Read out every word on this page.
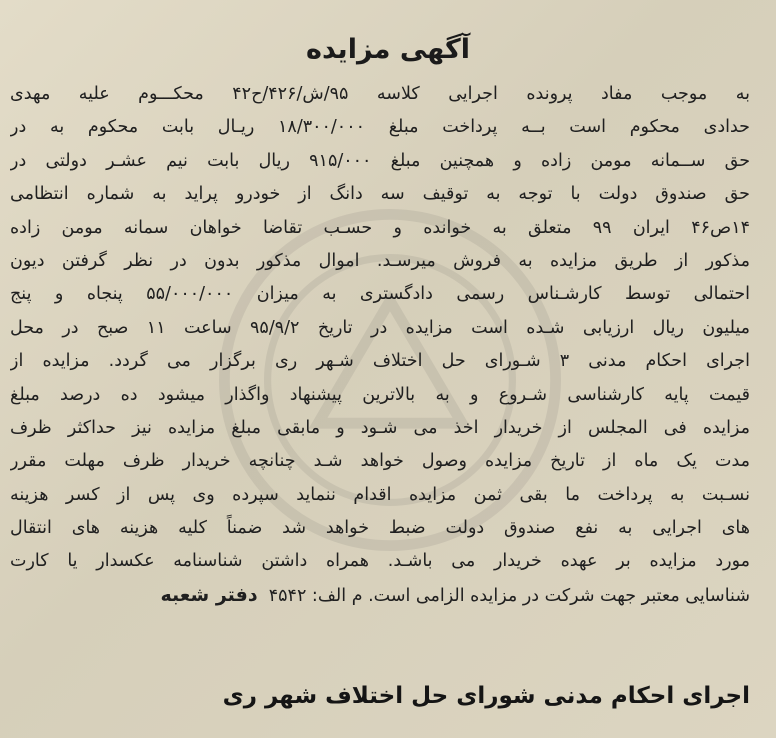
آگهی مزایده
به موجب مفاد پرونده اجرایی کلاسه ۹۵/ش/۴۲۶/ح۴۲ محکـــوم علیه مهدی
حدادی محکوم است بــه پرداخت مبلغ ۱۸/۳۰۰/۰۰۰ ریـال بابت محکوم به در
حق ســمانه مومن زاده و همچنین مبلغ ۹۱۵/۰۰۰ ریال بابت نیم عشـر دولتی در
حق صندوق دولت با توجه به توقیف سه دانگ از خودرو پراید به شماره انتظامی
۱۴ص۴۶ ایران ۹۹ متعلق به خوانده و حسـب تقاضا خواهان سمانه مومن زاده
مذکور از طریق مزایده به فروش میرسـد. اموال مذکور بدون در نظر گرفتن دیون
احتمالی توسط کارشـناس رسمی دادگستری به میزان ۵۵/۰۰۰/۰۰۰ پنجاه و پنج
میلیون ریال ارزیابی شـده است مزایده در تاریخ ۹۵/۹/۲ ساعت ۱۱ صبح در محل
اجرای احکام مدنی ۳ شـورای حل اختلاف شـهر ری برگزار می گردد. مزایده از
قیمت پایه کارشناسی شـروع و به بالاترین پیشنهاد واگذار میشود ده درصد مبلغ
مزایده فی المجلس از خریدار اخذ می شـود و مابقی مبلغ مزایده نیز حداکثر ظرف
مدت یک ماه از تاریخ مزایده وصول خواهد شـد چنانچه خریدار ظرف مهلت مقرر
نسـبت به پرداخت ما بقی ثمن مزایده اقدام ننماید سپرده وی پس از کسر هزینه
های اجرایی به نفع صندوق دولت ضبط خواهد شد ضمناً کلیه هزینه های انتقال
مورد مزایده بر عهده خریدار می باشـد. همراه داشتن شناسنامه عکسدار یا کارت
شناسایی معتبر جهت شرکت در مزایده الزامی است. م الف: ۴۵۴۲  دفتر شعبه
اجرای احکام مدنی شورای حل اختلاف شهر ری
